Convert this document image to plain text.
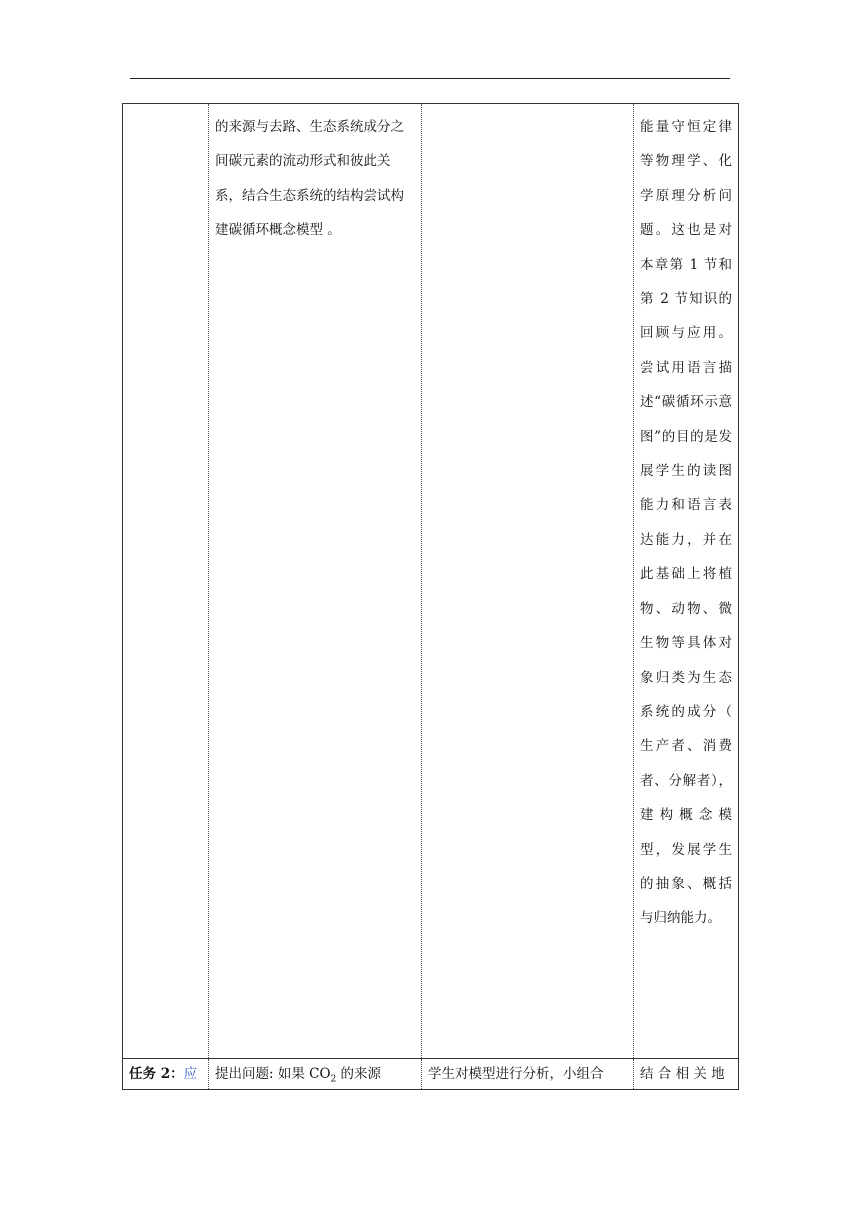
	的来源与去路、生态系统成分之间碳元素的流动形式和彼此关系，结合生态系统的结构尝试构建碳循环概念模型 。		能量守恒定律等物理学、化学原理分析问题。这也是对本章第 1 节和第 2 节知识的回顾与应用。尝试用语言描述“碳循环示意图”的目的是发展学生的读图能力和语言表达能力，并在此基础上将植物、动物、微生物等具体对象归类为生态系统的成分（ 生产者、消费者、分解者），建构概念模型，发展学生的抽象、概括与归纳能力。
任务 2：应	提出问题: 如果 $CO_2$ 的来源	学生对模型进行分析，小组合	结 合 相 关 地
